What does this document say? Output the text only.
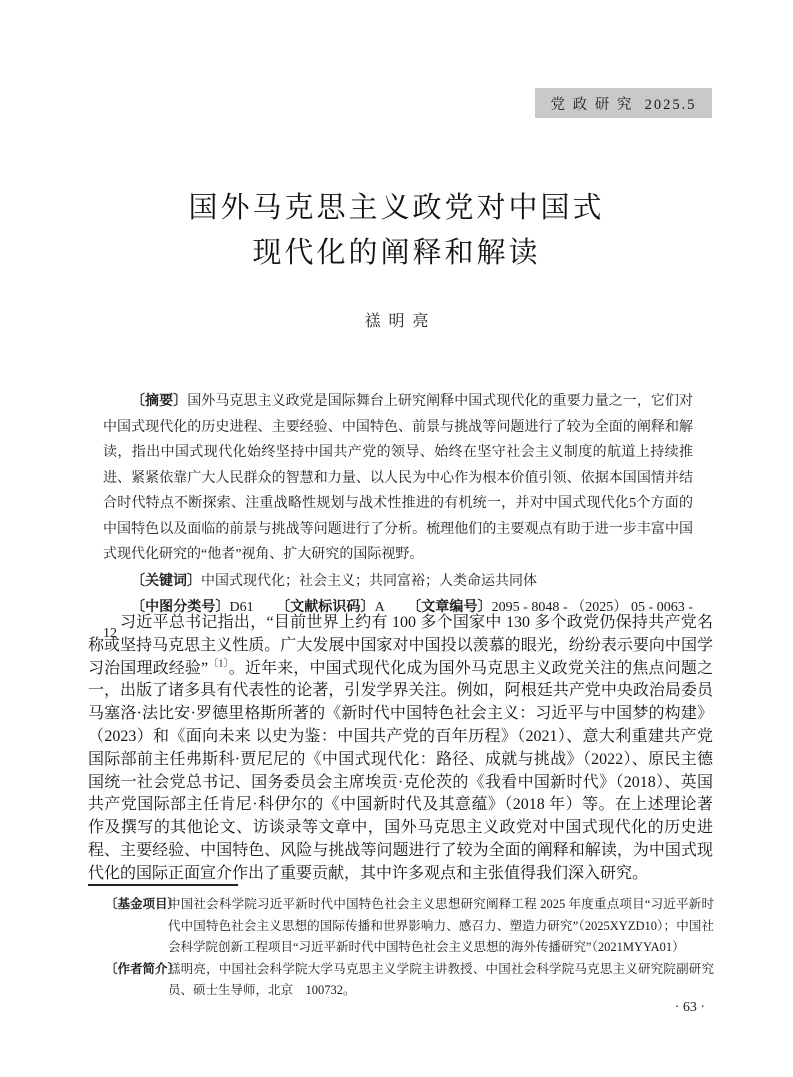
党 政 研 究  2025.5
国外马克思主义政党对中国式
现代化的阐释和解读
禚明亮

〔摘要〕国外马克思主义政党是国际舞台上研究阐释中国式现代化的重要力量之一，它们对中国式现代化的历史进程、主要经验、中国特色、前景与挑战等问题进行了较为全面的阐释和解读，指出中国式现代化始终坚持中国共产党的领导、始终在坚守社会主义制度的航道上持续推进、紧紧依靠广大人民群众的智慧和力量、以人民为中心作为根本价值引领、依据本国国情并结合时代特点不断探索、注重战略性规划与战术性推进的有机统一，并对中国式现代化5个方面的中国特色以及面临的前景与挑战等问题进行了分析。梳理他们的主要观点有助于进一步丰富中国式现代化研究的“他者”视角、扩大研究的国际视野。

〔关键词〕中国式现代化；社会主义；共同富裕；人类命运共同体

〔中图分类号〕D61 〔文献标识码〕A 〔文章编号〕2095 - 8048 - （2025） 05 - 0063 - 12

习近平总书记指出，“目前世界上约有 100 多个国家中 130 多个政党仍保持共产党名称或坚持马克思主义性质。广大发展中国家对中国投以羡慕的眼光，纷纷表示要向中国学习治国理政经验”$^{〔1〕}$。近年来，中国式现代化成为国外马克思主义政党关注的焦点问题之一，出版了诸多具有代表性的论著，引发学界关注。例如，阿根廷共产党中央政治局委员马塞洛·法比安·罗德里格斯所著的《新时代中国特色社会主义：习近平与中国梦的构建》（2023）和《面向未来 以史为鉴：中国共产党的百年历程》（2021）、意大利重建共产党国际部前主任弗斯科·贾尼尼的《中国式现代化：路径、成就与挑战》（2022）、原民主德国统一社会党总书记、国务委员会主席埃贡·克伦茨的《我看中国新时代》（2018）、英国共产党国际部主任肯尼·科伊尔的《中国新时代及其意蕴》（2018 年）等。在上述理论著作及撰写的其他论文、访谈录等文章中，国外马克思主义政党对中国式现代化的历史进程、主要经验、中国特色、风险与挑战等问题进行了较为全面的阐释和解读，为中国式现代化的国际正面宣介作出了重要贡献，其中许多观点和主张值得我们深入研究。

〔基金项目〕
中国社会科学院习近平新时代中国特色社会主义思想研究阐释工程 2025 年度重点项目“习近平新时代中国特色社会主义思想的国际传播和世界影响力、感召力、塑造力研究”（2025XYZD10）；中国社会科学院创新工程项目“习近平新时代中国特色社会主义思想的海外传播研究”（2021MYYA01）
〔作者简介〕
禚明亮，中国社会科学院大学马克思主义学院主讲教授、中国社会科学院马克思主义研究院副研究员、硕士生导师，北京　100732。
· 63 ·
